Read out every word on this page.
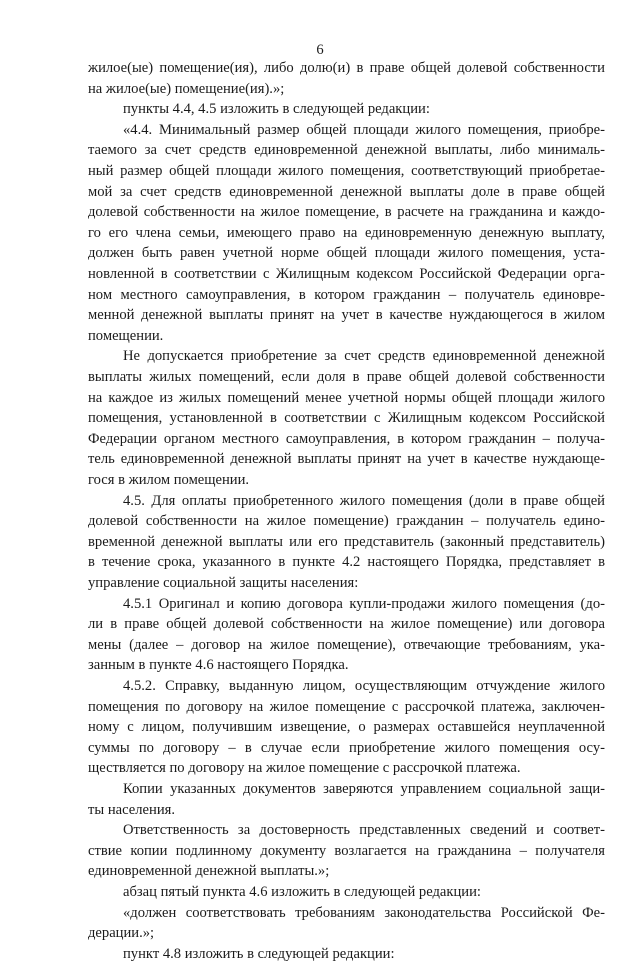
6
жилое(ые) помещение(ия), либо долю(и) в праве общей долевой собственности
на жилое(ые) помещение(ия).»;
пункты 4.4, 4.5 изложить в следующей редакции:
«4.4. Минимальный размер общей площади жилого помещения, приобре-
таемого за счет средств единовременной денежной выплаты, либо минималь-
ный размер общей площади жилого помещения, соответствующий приобретае-
мой за счет средств единовременной денежной выплаты доле в праве общей
долевой собственности на жилое помещение, в расчете на гражданина и каждо-
го его члена семьи, имеющего право на единовременную денежную выплату,
должен быть равен учетной норме общей площади жилого помещения, уста-
новленной в соответствии с Жилищным кодексом Российской Федерации орга-
ном местного самоуправления, в котором гражданин – получатель единовре-
менной денежной выплаты принят на учет в качестве нуждающегося в жилом
помещении.
Не допускается приобретение за счет средств единовременной денежной
выплаты жилых помещений, если доля в праве общей долевой собственности
на каждое из жилых помещений менее учетной нормы общей площади жилого
помещения, установленной в соответствии с Жилищным кодексом Российской
Федерации органом местного самоуправления, в котором гражданин – получа-
тель единовременной денежной выплаты принят на учет в качестве нуждающе-
гося в жилом помещении.
4.5. Для оплаты приобретенного жилого помещения (доли в праве общей
долевой собственности на жилое помещение) гражданин – получатель едино-
временной денежной выплаты или его представитель (законный представитель)
в течение срока, указанного в пункте 4.2 настоящего Порядка, представляет в
управление социальной защиты населения:
4.5.1 Оригинал и копию договора купли-продажи жилого помещения (до-
ли в праве общей долевой собственности на жилое помещение) или договора
мены (далее – договор на жилое помещение), отвечающие требованиям, ука-
занным в пункте 4.6 настоящего Порядка.
4.5.2. Справку, выданную лицом, осуществляющим отчуждение жилого
помещения по договору на жилое помещение с рассрочкой платежа, заключен-
ному с лицом, получившим извещение, о размерах оставшейся неуплаченной
суммы по договору – в случае если приобретение жилого помещения осу-
ществляется по договору на жилое помещение с рассрочкой платежа.
Копии указанных документов заверяются управлением социальной защи-
ты населения.
Ответственность за достоверность представленных сведений и соответ-
ствие копии подлинному документу возлагается на гражданина – получателя
единовременной денежной выплаты.»;
абзац пятый пункта 4.6 изложить в следующей редакции:
«должен соответствовать требованиям законодательства Российской Фе-
дерации.»;
пункт 4.8 изложить в следующей редакции:
